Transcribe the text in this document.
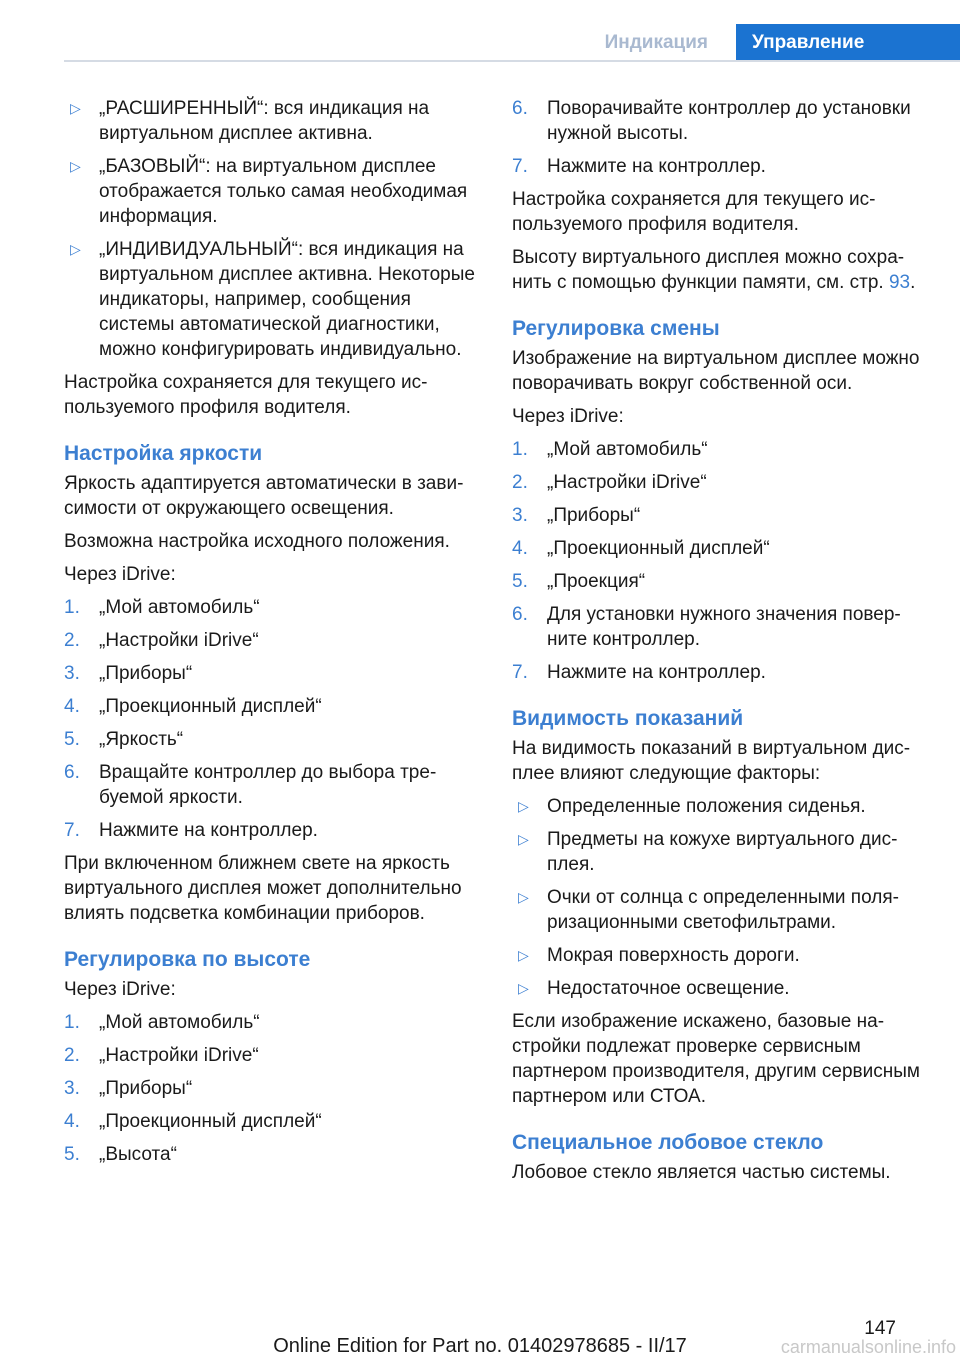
Индикация	Управление
▷ „РАСШИРЕННЫЙ“: вся индикация на виртуальном дисплее активна.
▷ „БАЗОВЫЙ“: на виртуальном дисплее отображается только самая необходимая информация.
▷ „ИНДИВИДУАЛЬНЫЙ“: вся индикация на виртуальном дисплее активна. Некоторые индикаторы, например, сообщения системы автоматической диагностики, можно конфигурировать индивидуально.

Настройка сохраняется для текущего используемого профиля водителя.

Настройка яркости

Яркость адаптируется автоматически в зависимости от окружающего освещения.

Возможна настройка исходного положения.

Через iDrive:

1. „Мой автомобиль“
2. „Настройки iDrive“
3. „Приборы“
4. „Проекционный дисплей“
5. „Яркость“
6. Вращайте контроллер до выбора требуемой яркости.
7. Нажмите на контроллер.

При включенном ближнем свете на яркость виртуального дисплея может дополнительно влиять подсветка комбинации приборов.

Регулировка по высоте

Через iDrive:

1. „Мой автомобиль“
2. „Настройки iDrive“
3. „Приборы“
4. „Проекционный дисплей“
5. „Высота“
6. Поворачивайте контроллер до установки нужной высоты.
7. Нажмите на контроллер.

Настройка сохраняется для текущего используемого профиля водителя.

Высоту виртуального дисплея можно сохранить с помощью функции памяти, см. стр. 93.

Регулировка смены

Изображение на виртуальном дисплее можно поворачивать вокруг собственной оси.

Через iDrive:

1. „Мой автомобиль“
2. „Настройки iDrive“
3. „Приборы“
4. „Проекционный дисплей“
5. „Проекция“
6. Для установки нужного значения поверните контроллер.
7. Нажмите на контроллер.
Видимость показаний

На видимость показаний в виртуальном дисплее влияют следующие факторы:

▷ Определенные положения сиденья.
▷ Предметы на кожухе виртуального дисплея.
▷ Очки от солнца с определенными поляризационными светофильтрами.
▷ Мокрая поверхность дороги.
▷ Недостаточное освещение.

Если изображение искажено, базовые настройки подлежат проверке сервисным партнером производителя, другим сервисным партнером или СТОА.

Специальное лобовое стекло

Лобовое стекло является частью системы.

147
Online Edition for Part no. 01402978685 - II/17	carmanualsonline.info
